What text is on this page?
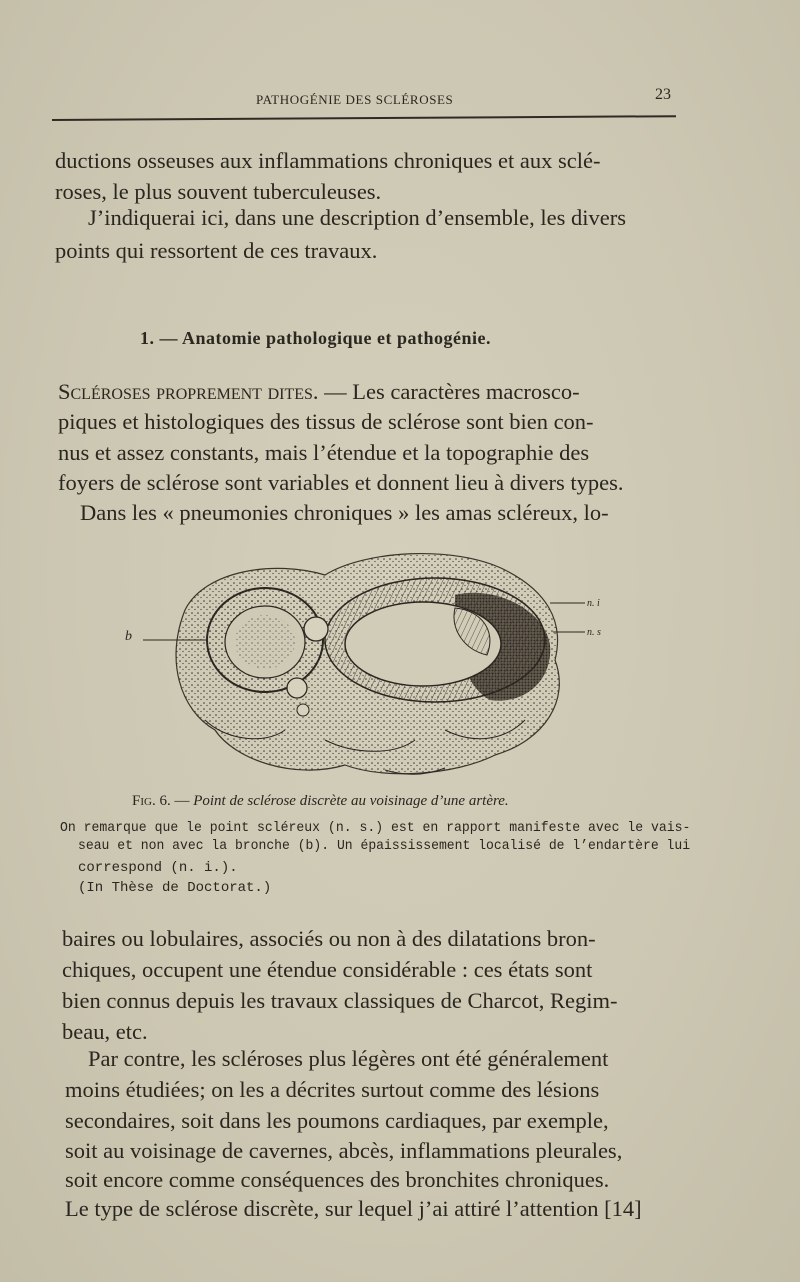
PATHOGÉNIE DES SCLÉROSES	23
ductions osseuses aux inflammations chroniques et aux sclé-
roses, le plus souvent tuberculeuses.
J’indiquerai ici, dans une description d’ensemble, les divers
points qui ressortent de ces travaux.
1. — Anatomie pathologique et pathogénie.
Scléroses proprement dites. — Les caractères macrosco-
piques et histologiques des tissus de sclérose sont bien con-
nus et assez constants, mais l’étendue et la topographie des
foyers de sclérose sont variables et donnent lieu à divers types.
Dans les « pneumonies chroniques » les amas scléreux, lo-
b
n. i
n. s
Fig. 6. — Point de sclérose discrète au voisinage d’une artère.
On remarque que le point scléreux (n. s.) est en rapport manifeste avec le vais-
seau et non avec la bronche (b). Un épaississement localisé de l’endartère lui
correspond (n. i.).
(In Thèse de Doctorat.)
baires ou lobulaires, associés ou non à des dilatations bron-
chiques, occupent une étendue considérable : ces états sont
bien connus depuis les travaux classiques de Charcot, Regim-
beau, etc.
Par contre, les scléroses plus légères ont été généralement
moins étudiées; on les a décrites surtout comme des lésions
secondaires, soit dans les poumons cardiaques, par exemple,
soit au voisinage de cavernes, abcès, inflammations pleurales,
soit encore comme conséquences des bronchites chroniques.
Le type de sclérose discrète, sur lequel j’ai attiré l’attention [14]
